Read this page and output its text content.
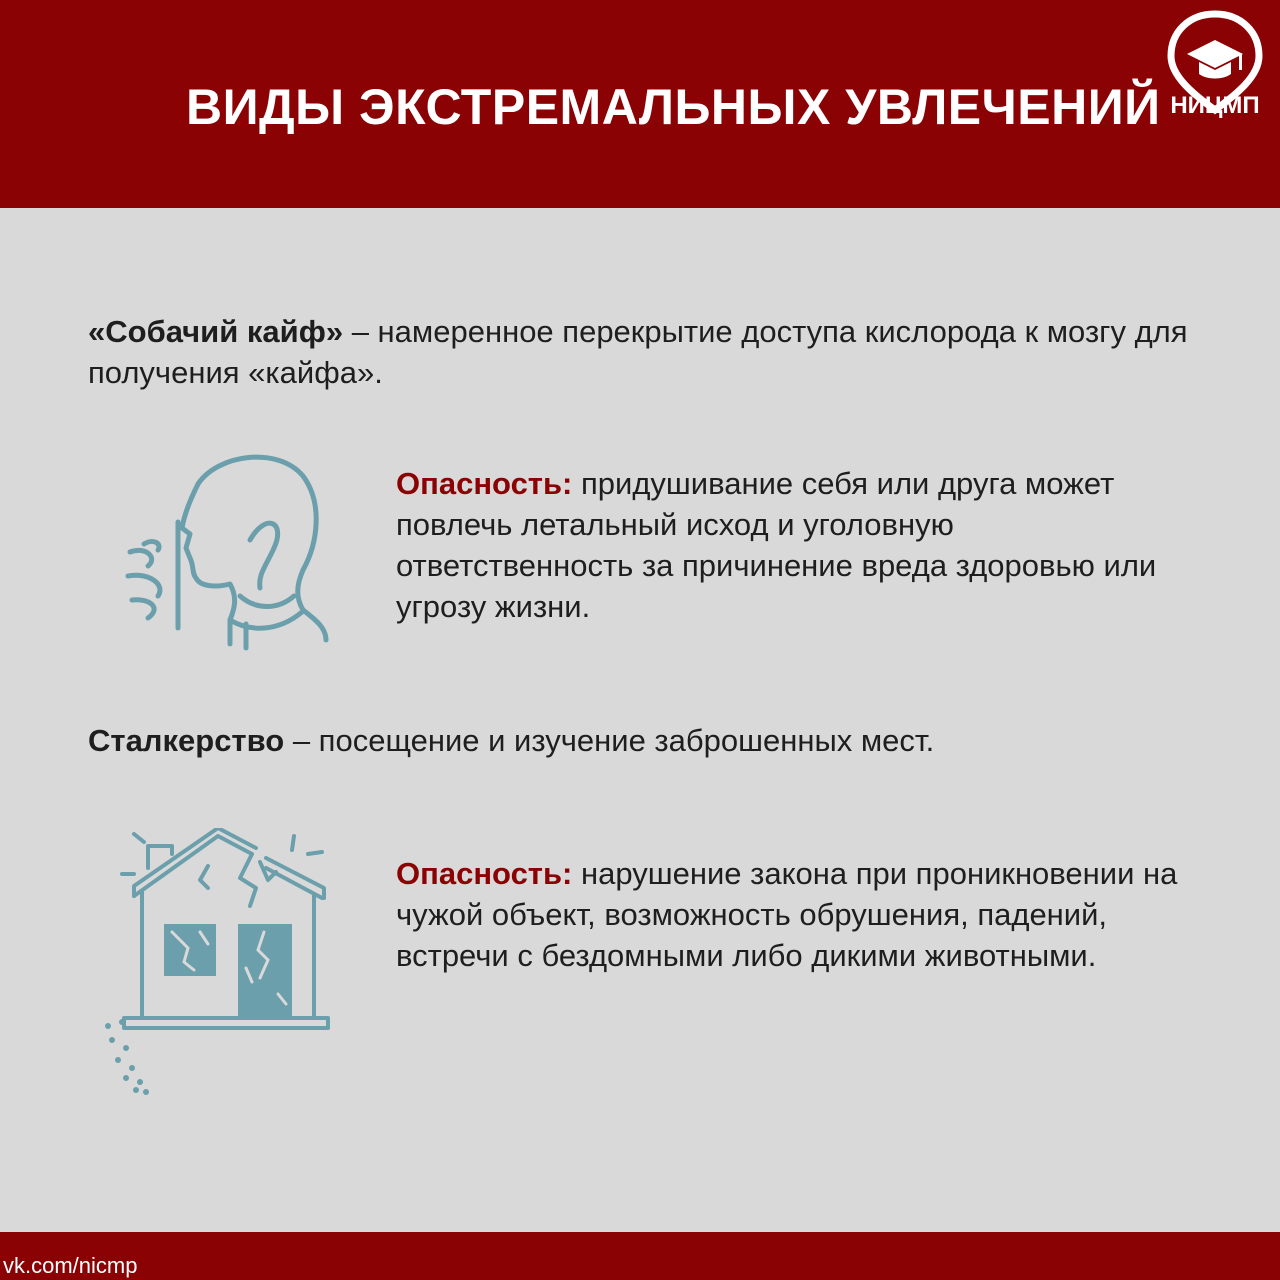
ВИДЫ ЭКСТРЕМАЛЬНЫХ УВЛЕЧЕНИЙ НИЦМП
«Собачий кайф» – намеренное перекрытие доступа кислорода к мозгу для получения «кайфа».
Опасность: придушивание себя или друга может повлечь летальный исход и уголовную ответственность за причинение вреда здоровью или угрозу жизни.
Сталкерство – посещение и изучение заброшенных мест.
Опасность: нарушение закона при проникновении на чужой объект, возможность обрушения, падений, встречи с бездомными либо дикими животными.
vk.com/nicmp
